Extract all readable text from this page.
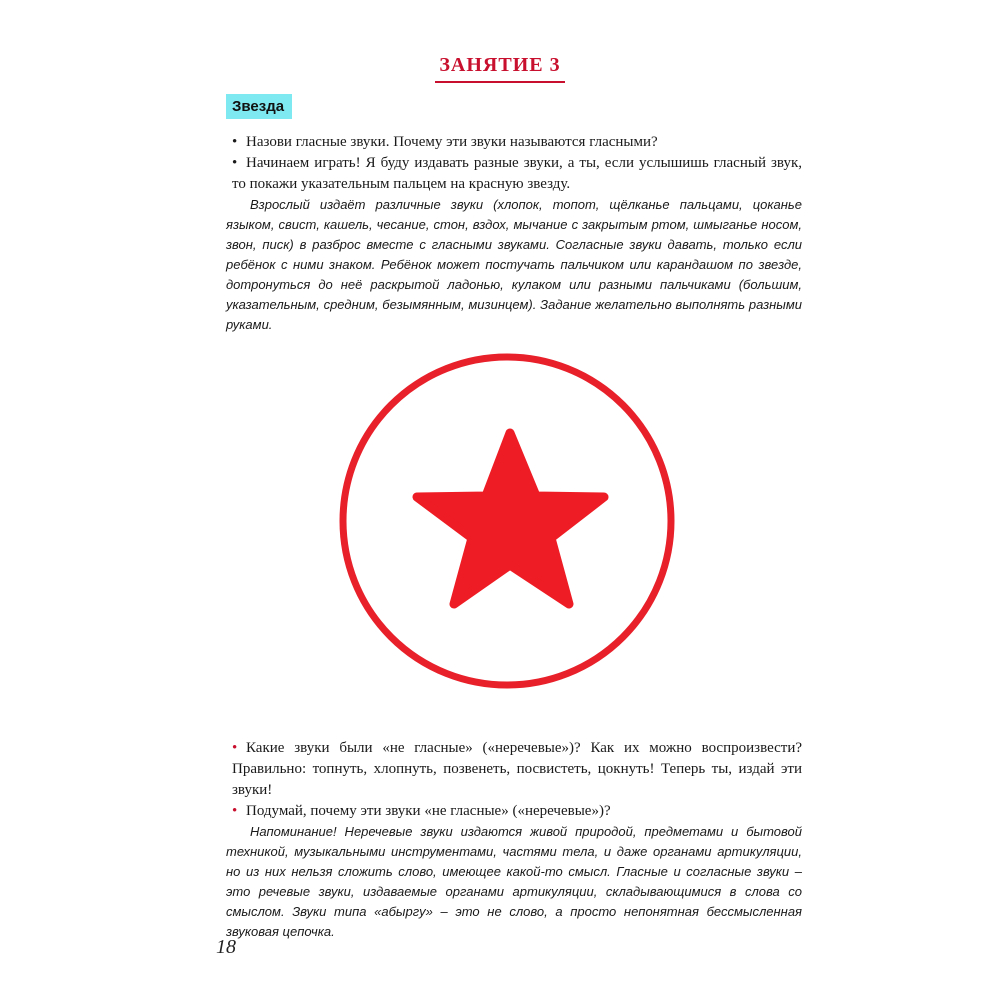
ЗАНЯТИЕ 3
Звезда

• Назови гласные звуки. Почему эти звуки называются гласными?

• Начинаем играть! Я буду издавать разные звуки, а ты, если услышишь гласный звук, то покажи указательным пальцем на красную звезду.

Взрослый издаёт различные звуки (хлопок, топот, щёлканье пальцами, цоканье языком, свист, кашель, чесание, стон, вздох, мычание с закрытым ртом, шмыганье носом, звон, писк) в разброс вместе с гласными звуками. Согласные звуки давать, только если ребёнок с ними знаком. Ребёнок может постучать пальчиком или карандашом по звезде, дотронуться до неё раскрытой ладонью, кулаком или разными пальчиками (большим, указательным, средним, безымянным, мизинцем). Задание желательно выполнять разными руками.

• Какие звуки были «не гласные» («неречевые»)? Как их можно воспроизвести? Правильно: топнуть, хлопнуть, позвенеть, посвистеть, цокнуть! Теперь ты, издай эти звуки!

• Подумай, почему эти звуки «не гласные» («неречевые»)?

Напоминание! Неречевые звуки издаются живой природой, предметами и бытовой техникой, музыкальными инструментами, частями тела, и даже органами артикуляции, но из них нельзя сложить слово, имеющее какой-то смысл. Гласные и согласные звуки – это речевые звуки, издаваемые органами артикуляции, складывающимися в слова со смыслом. Звуки типа «абыргу» – это не слово, а просто непонятная бессмысленная звуковая цепочка.

18
